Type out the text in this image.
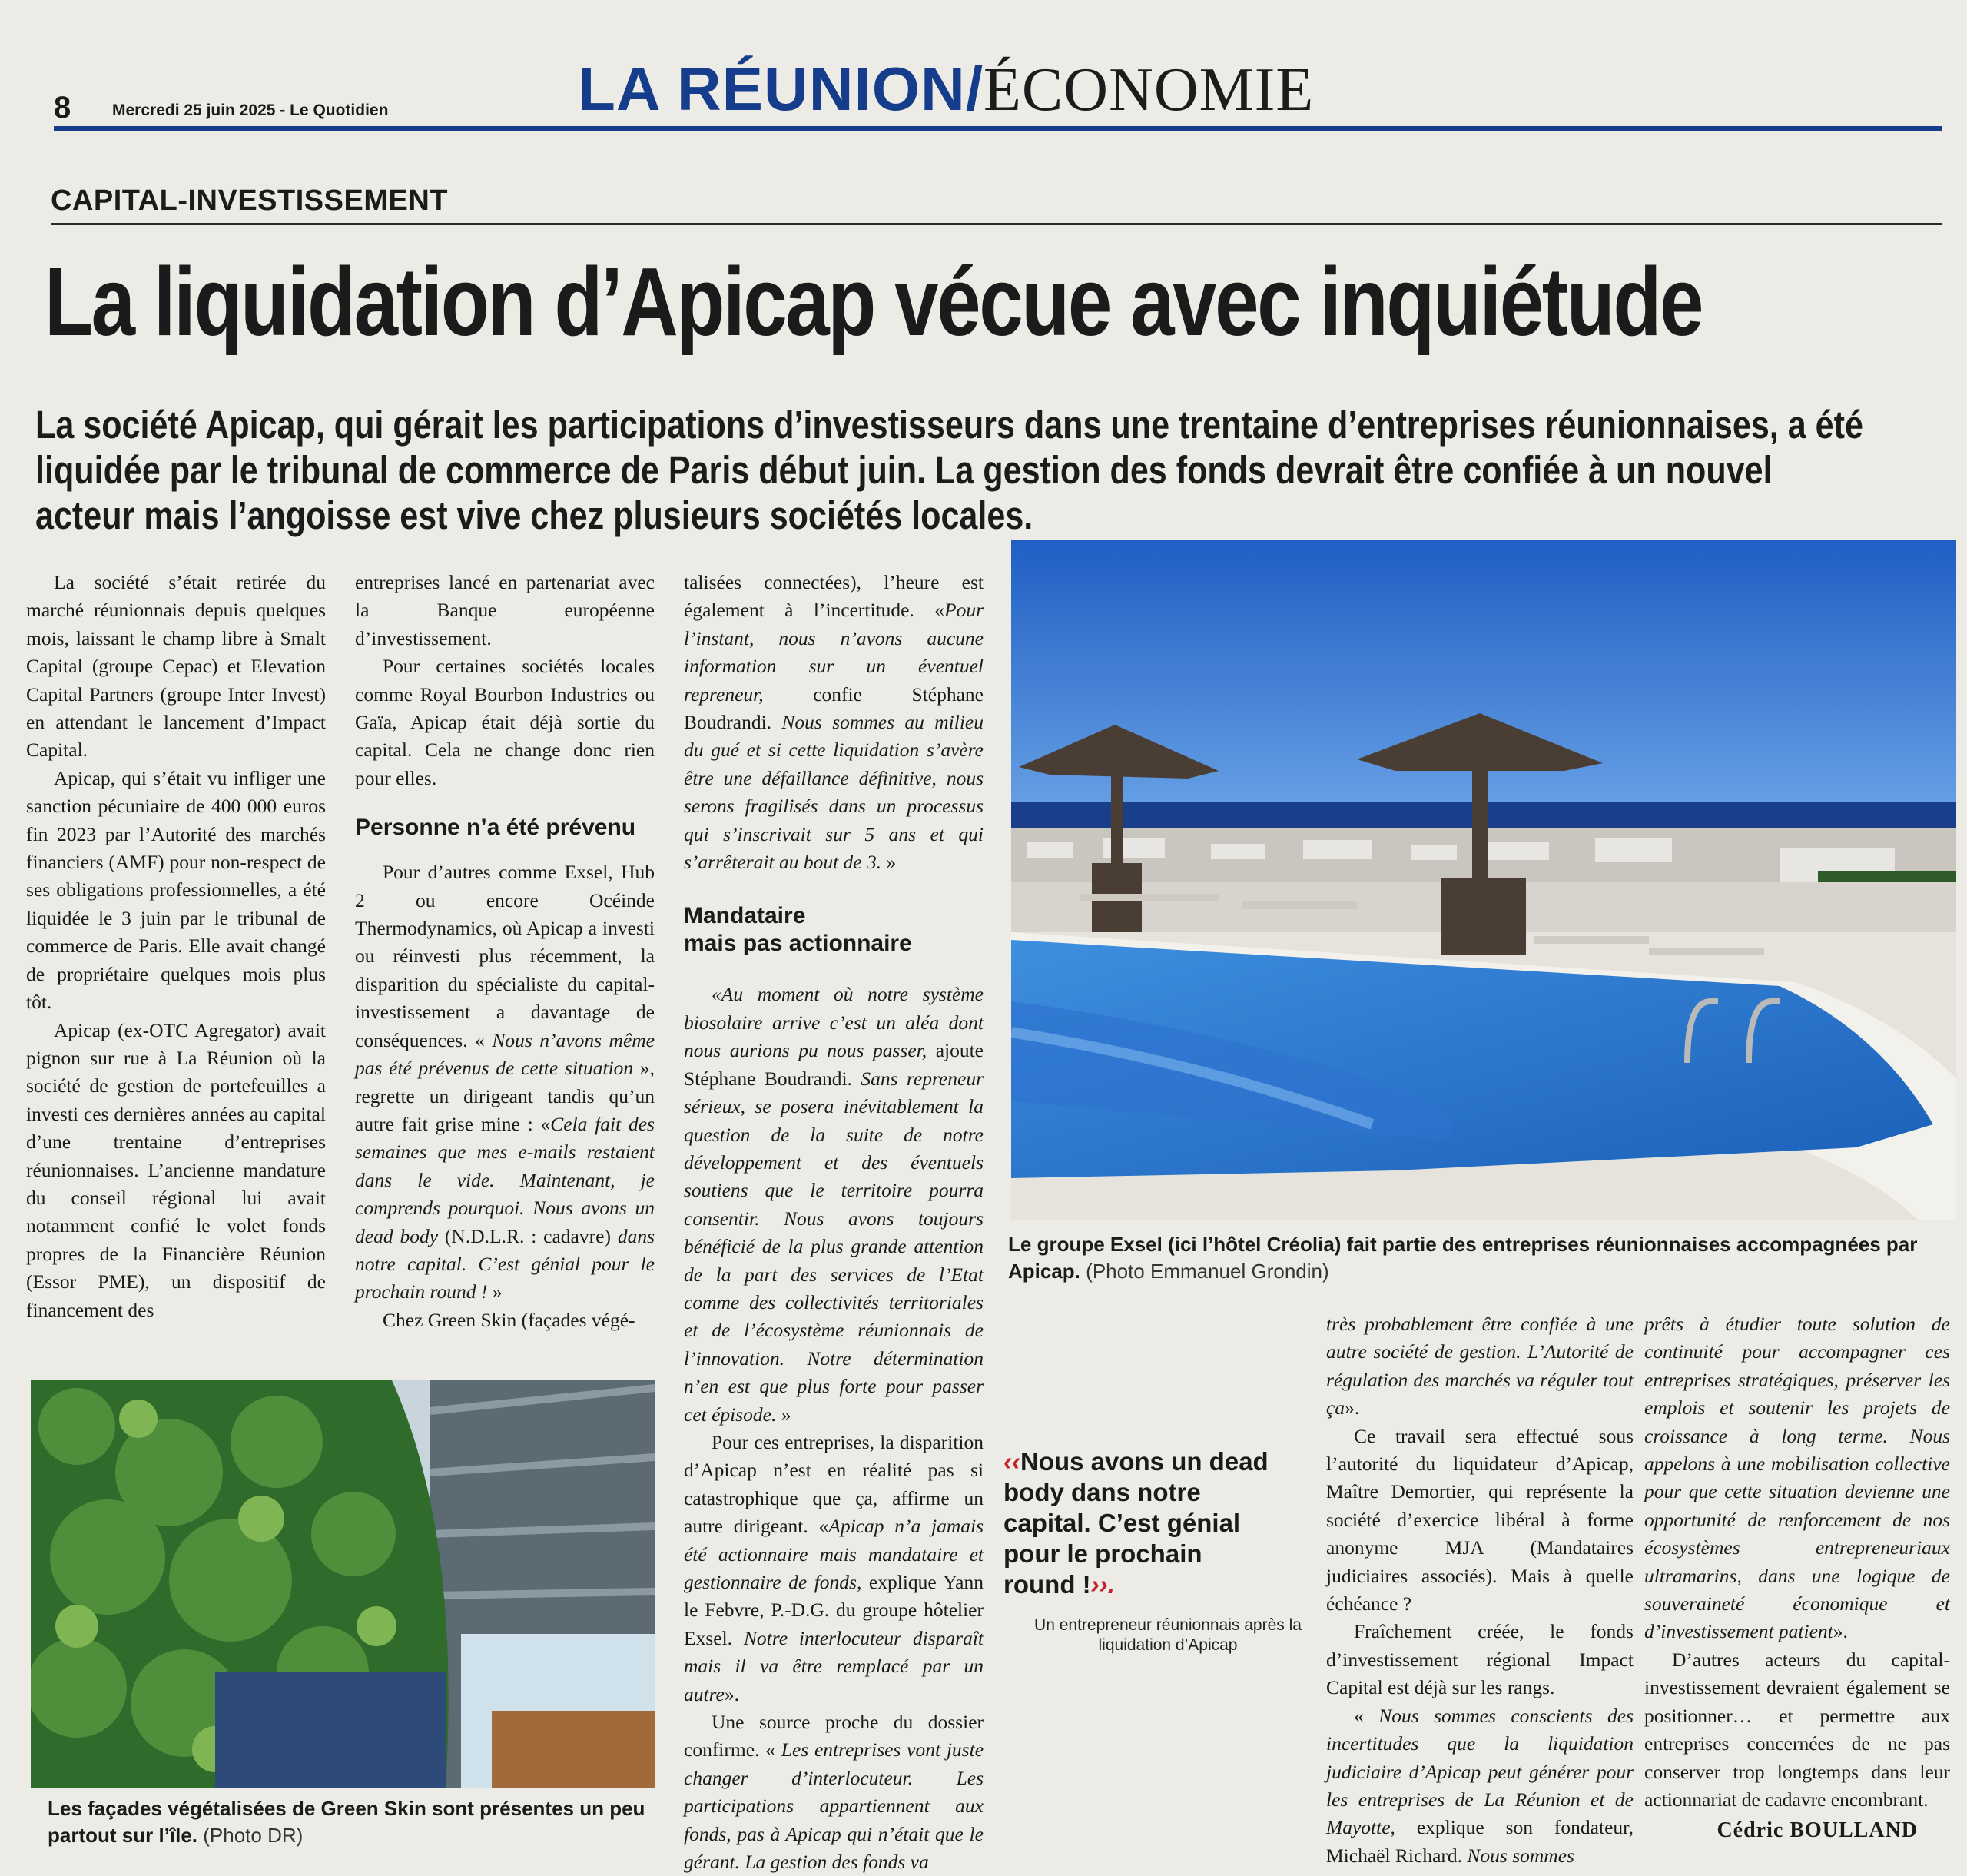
8	Mercredi 25 juin 2025 - Le Quotidien	LA RÉUNION/ÉCONOMIE
CAPITAL-INVESTISSEMENT
La liquidation d’Apicap vécue avec inquiétude
La société Apicap, qui gérait les participations d’investisseurs dans une trentaine d’entreprises réunionnaises, a été liquidée par le tribunal de commerce de Paris début juin. La gestion des fonds devrait être confiée à un nouvel acteur mais l’angoisse est vive chez plusieurs sociétés locales.

La société s’était retirée du marché réunionnais depuis quelques mois, laissant le champ libre à Smalt Capital (groupe Cepac) et Elevation Capital Partners (groupe Inter Invest) en attendant le lancement d’Impact Capital.

Apicap, qui s’était vu infliger une sanction pécuniaire de 400 000 euros fin 2023 par l’Autorité des marchés financiers (AMF) pour non-respect de ses obligations professionnelles, a été liquidée le 3 juin par le tribunal de commerce de Paris. Elle avait changé de propriétaire quelques mois plus tôt.

Apicap (ex-OTC Agregator) avait pignon sur rue à La Réunion où la société de gestion de portefeuilles a investi ces dernières années au capital d’une trentaine d’entreprises réunionnaises. L’ancienne mandature du conseil régional lui avait notamment confié le volet fonds propres de la Financière Réunion (Essor PME), un dispositif de financement des

entreprises lancé en partenariat avec la Banque européenne d’investissement.

Pour certaines sociétés locales comme Royal Bourbon Industries ou Gaïa, Apicap était déjà sortie du capital. Cela ne change donc rien pour elles.

Personne n’a été prévenu

Pour d’autres comme Exsel, Hub 2 ou encore Océinde Thermodynamics, où Apicap a investi ou réinvesti plus récemment, la disparition du spécialiste du capital-investissement a davantage de conséquences. « Nous n’avons même pas été prévenus de cette situation », regrette un dirigeant tandis qu’un autre fait grise mine : «Cela fait des semaines que mes e-mails restaient dans le vide. Maintenant, je comprends pourquoi. Nous avons un dead body (N.D.L.R. : cadavre) dans notre capital. C’est génial pour le prochain round ! »

Chez Green Skin (façades végé-

talisées connectées), l’heure est également à l’incertitude. «Pour l’instant, nous n’avons aucune information sur un éventuel repreneur, confie Stéphane Boudrandi. Nous sommes au milieu du gué et si cette liquidation s’avère être une défaillance définitive, nous serons fragilisés dans un processus qui s’inscrivait sur 5 ans et qui s’arrêterait au bout de 3. »

Mandataire
mais pas actionnaire

«Au moment où notre système biosolaire arrive c’est un aléa dont nous aurions pu nous passer, ajoute Stéphane Boudrandi. Sans repreneur sérieux, se posera inévitablement la question de la suite de notre développement et des éventuels soutiens que le territoire pourra consentir. Nous avons toujours bénéficié de la plus grande attention de la part des services de l’Etat comme des collectivités territoriales et de l’écosystème réunionnais de l’innovation. Notre détermination n’en est que plus forte pour passer cet épisode. »

Pour ces entreprises, la disparition d’Apicap n’est en réalité pas si catastrophique que ça, affirme un autre dirigeant. «Apicap n’a jamais été actionnaire mais mandataire et gestionnaire de fonds, explique Yann le Febvre, P.-D.G. du groupe hôtelier Exsel. Notre interlocuteur disparaît mais il va être remplacé par un autre».

Une source proche du dossier confirme. « Les entreprises vont juste changer d’interlocuteur. Les participations appartiennent aux fonds, pas à Apicap qui n’était que le gérant. La gestion des fonds va

Le groupe Exsel (ici l’hôtel Créolia) fait partie des entreprises réunionnaises accompagnées par Apicap. (Photo Emmanuel Grondin)
Les façades végétalisées de Green Skin sont présentes un peu partout sur l’île. (Photo DR)
‹‹Nous avons un dead body dans notre capital. C’est génial pour le prochain round !››.
Un entrepreneur réunionnais après la liquidation d’Apicap

très probablement être confiée à une autre société de gestion. L’Autorité de régulation des marchés va réguler tout ça».

Ce travail sera effectué sous l’autorité du liquidateur d’Apicap, Maître Demortier, qui représente la société d’exercice libéral à forme anonyme MJA (Mandataires judiciaires associés). Mais à quelle échéance ?

Fraîchement créée, le fonds d’investissement régional Impact Capital est déjà sur les rangs.

« Nous sommes conscients des incertitudes que la liquidation judiciaire d’Apicap peut générer pour les entreprises de La Réunion et de Mayotte, explique son fondateur, Michaël Richard. Nous sommes

prêts à étudier toute solution de continuité pour accompagner ces entreprises stratégiques, préserver les emplois et soutenir les projets de croissance à long terme. Nous appelons à une mobilisation collective pour que cette situation devienne une opportunité de renforcement de nos écosystèmes entrepreneuriaux ultramarins, dans une logique de souveraineté économique et d’investissement patient».

D’autres acteurs du capital-investissement devraient également se positionner… et permettre aux entreprises concernées de ne pas conserver trop longtemps dans leur actionnariat de cadavre encombrant.

Cédric BOULLAND
